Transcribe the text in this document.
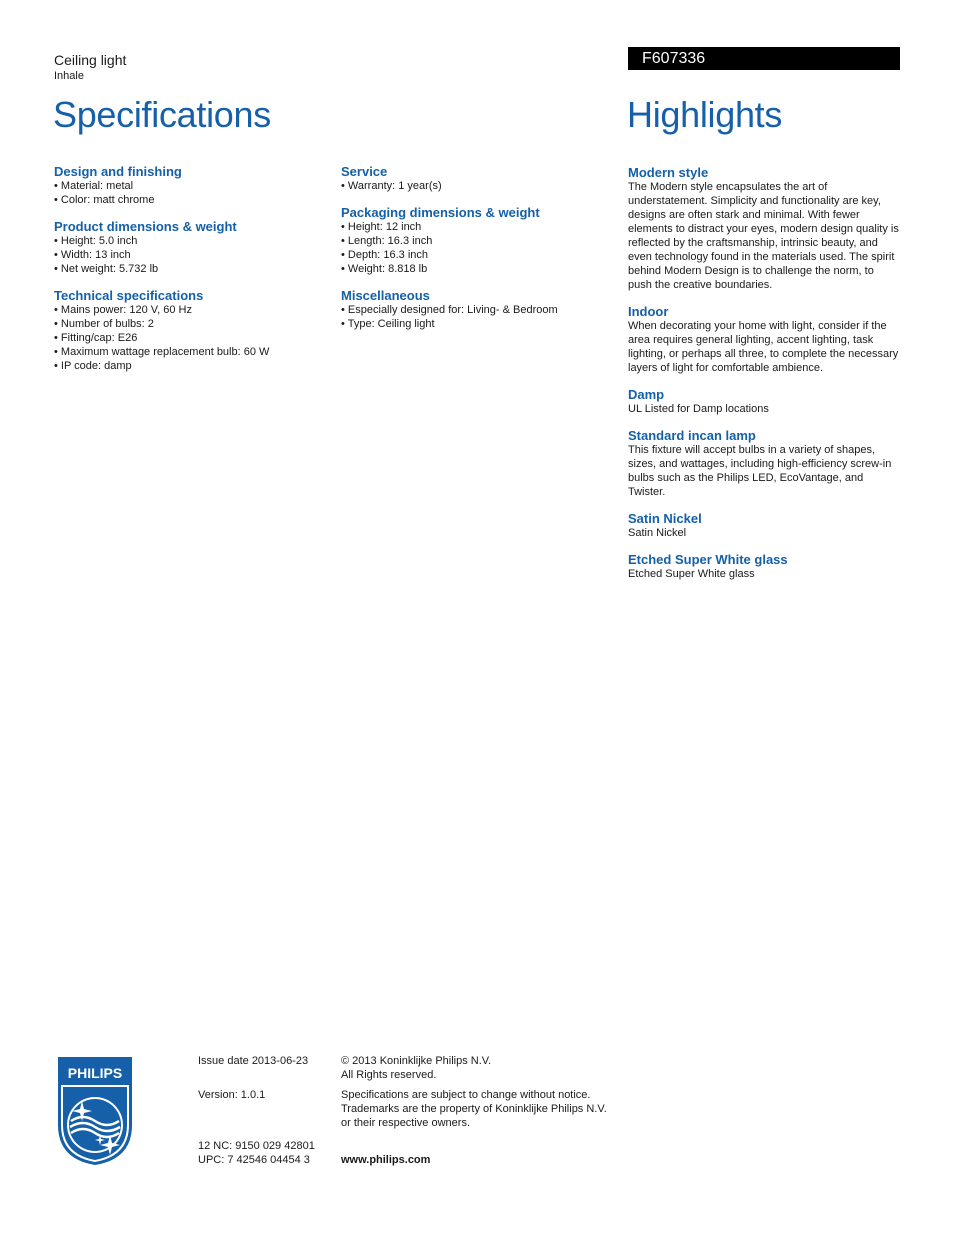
Ceiling light
Inhale
F607336
Specifications	Highlights
Design and finishing
• Material: metal
• Color: matt chrome
Product dimensions & weight
• Height: 5.0 inch
• Width: 13 inch
• Net weight: 5.732 lb
Technical specifications
• Mains power: 120 V, 60 Hz
• Number of bulbs: 2
• Fitting/cap: E26
• Maximum wattage replacement bulb: 60 W
• IP code: damp
Service
• Warranty: 1 year(s)
Packaging dimensions & weight
• Height: 12 inch
• Length: 16.3 inch
• Depth: 16.3 inch
• Weight: 8.818 lb
Miscellaneous
• Especially designed for: Living- & Bedroom
• Type: Ceiling light
Modern style

The Modern style encapsulates the art of understatement. Simplicity and functionality are key, designs are often stark and minimal. With fewer elements to distract your eyes, modern design quality is reflected by the craftsmanship, intrinsic beauty, and even technology found in the materials used. The spirit behind Modern Design is to challenge the norm, to push the creative boundaries.

Indoor

When decorating your home with light, consider if the area requires general lighting, accent lighting, task lighting, or perhaps all three, to complete the necessary layers of light for comfortable ambience.

Damp

UL Listed for Damp locations

Standard incan lamp

This fixture will accept bulbs in a variety of shapes, sizes, and wattages, including high-efficiency screw-in bulbs such as the Philips LED, EcoVantage, and Twister.

Satin Nickel

Satin Nickel

Etched Super White glass

Etched Super White glass

PHILIPS
Issue date 2013-06-23
Version: 1.0.1
12 NC: 9150 029 42801
UPC: 7 42546 04454 3
© 2013 Koninklijke Philips N.V.
All Rights reserved.
Specifications are subject to change without notice.
Trademarks are the property of Koninklijke Philips N.V.
or their respective owners.
www.philips.com
